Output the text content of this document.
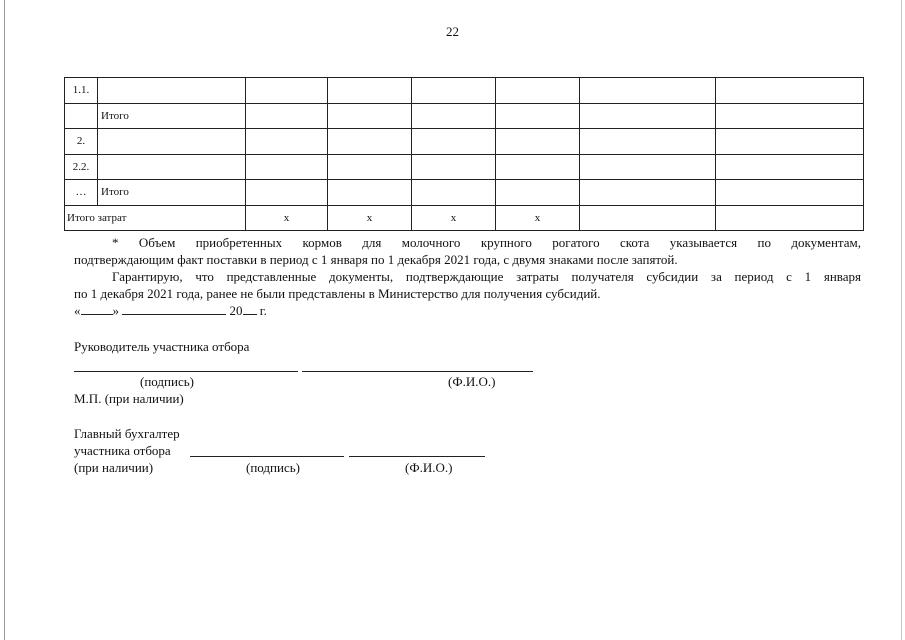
22
1.1.							
	Итого						
2.							
2.2.							
…	Итого						
Итого затрат		x	x	x	x		
* Объем приобретенных кормов для молочного крупного рогатого скота указывается по документам,
подтверждающим факт поставки в период с 1 января по 1 декабря 2021 года, с двумя знаками после запятой.
Гарантирую, что представленные документы, подтверждающие затраты получателя субсидии за период с 1 января
по 1 декабря 2021 года, ранее не были представлены в Министерство для получения субсидий.
« »	20 г.
Руководитель участника отбора
(подпись)	(Ф.И.О.)
М.П. (при наличии)
Главный бухгалтер
участника отбора
(при наличии)	(подпись)	(Ф.И.О.)
